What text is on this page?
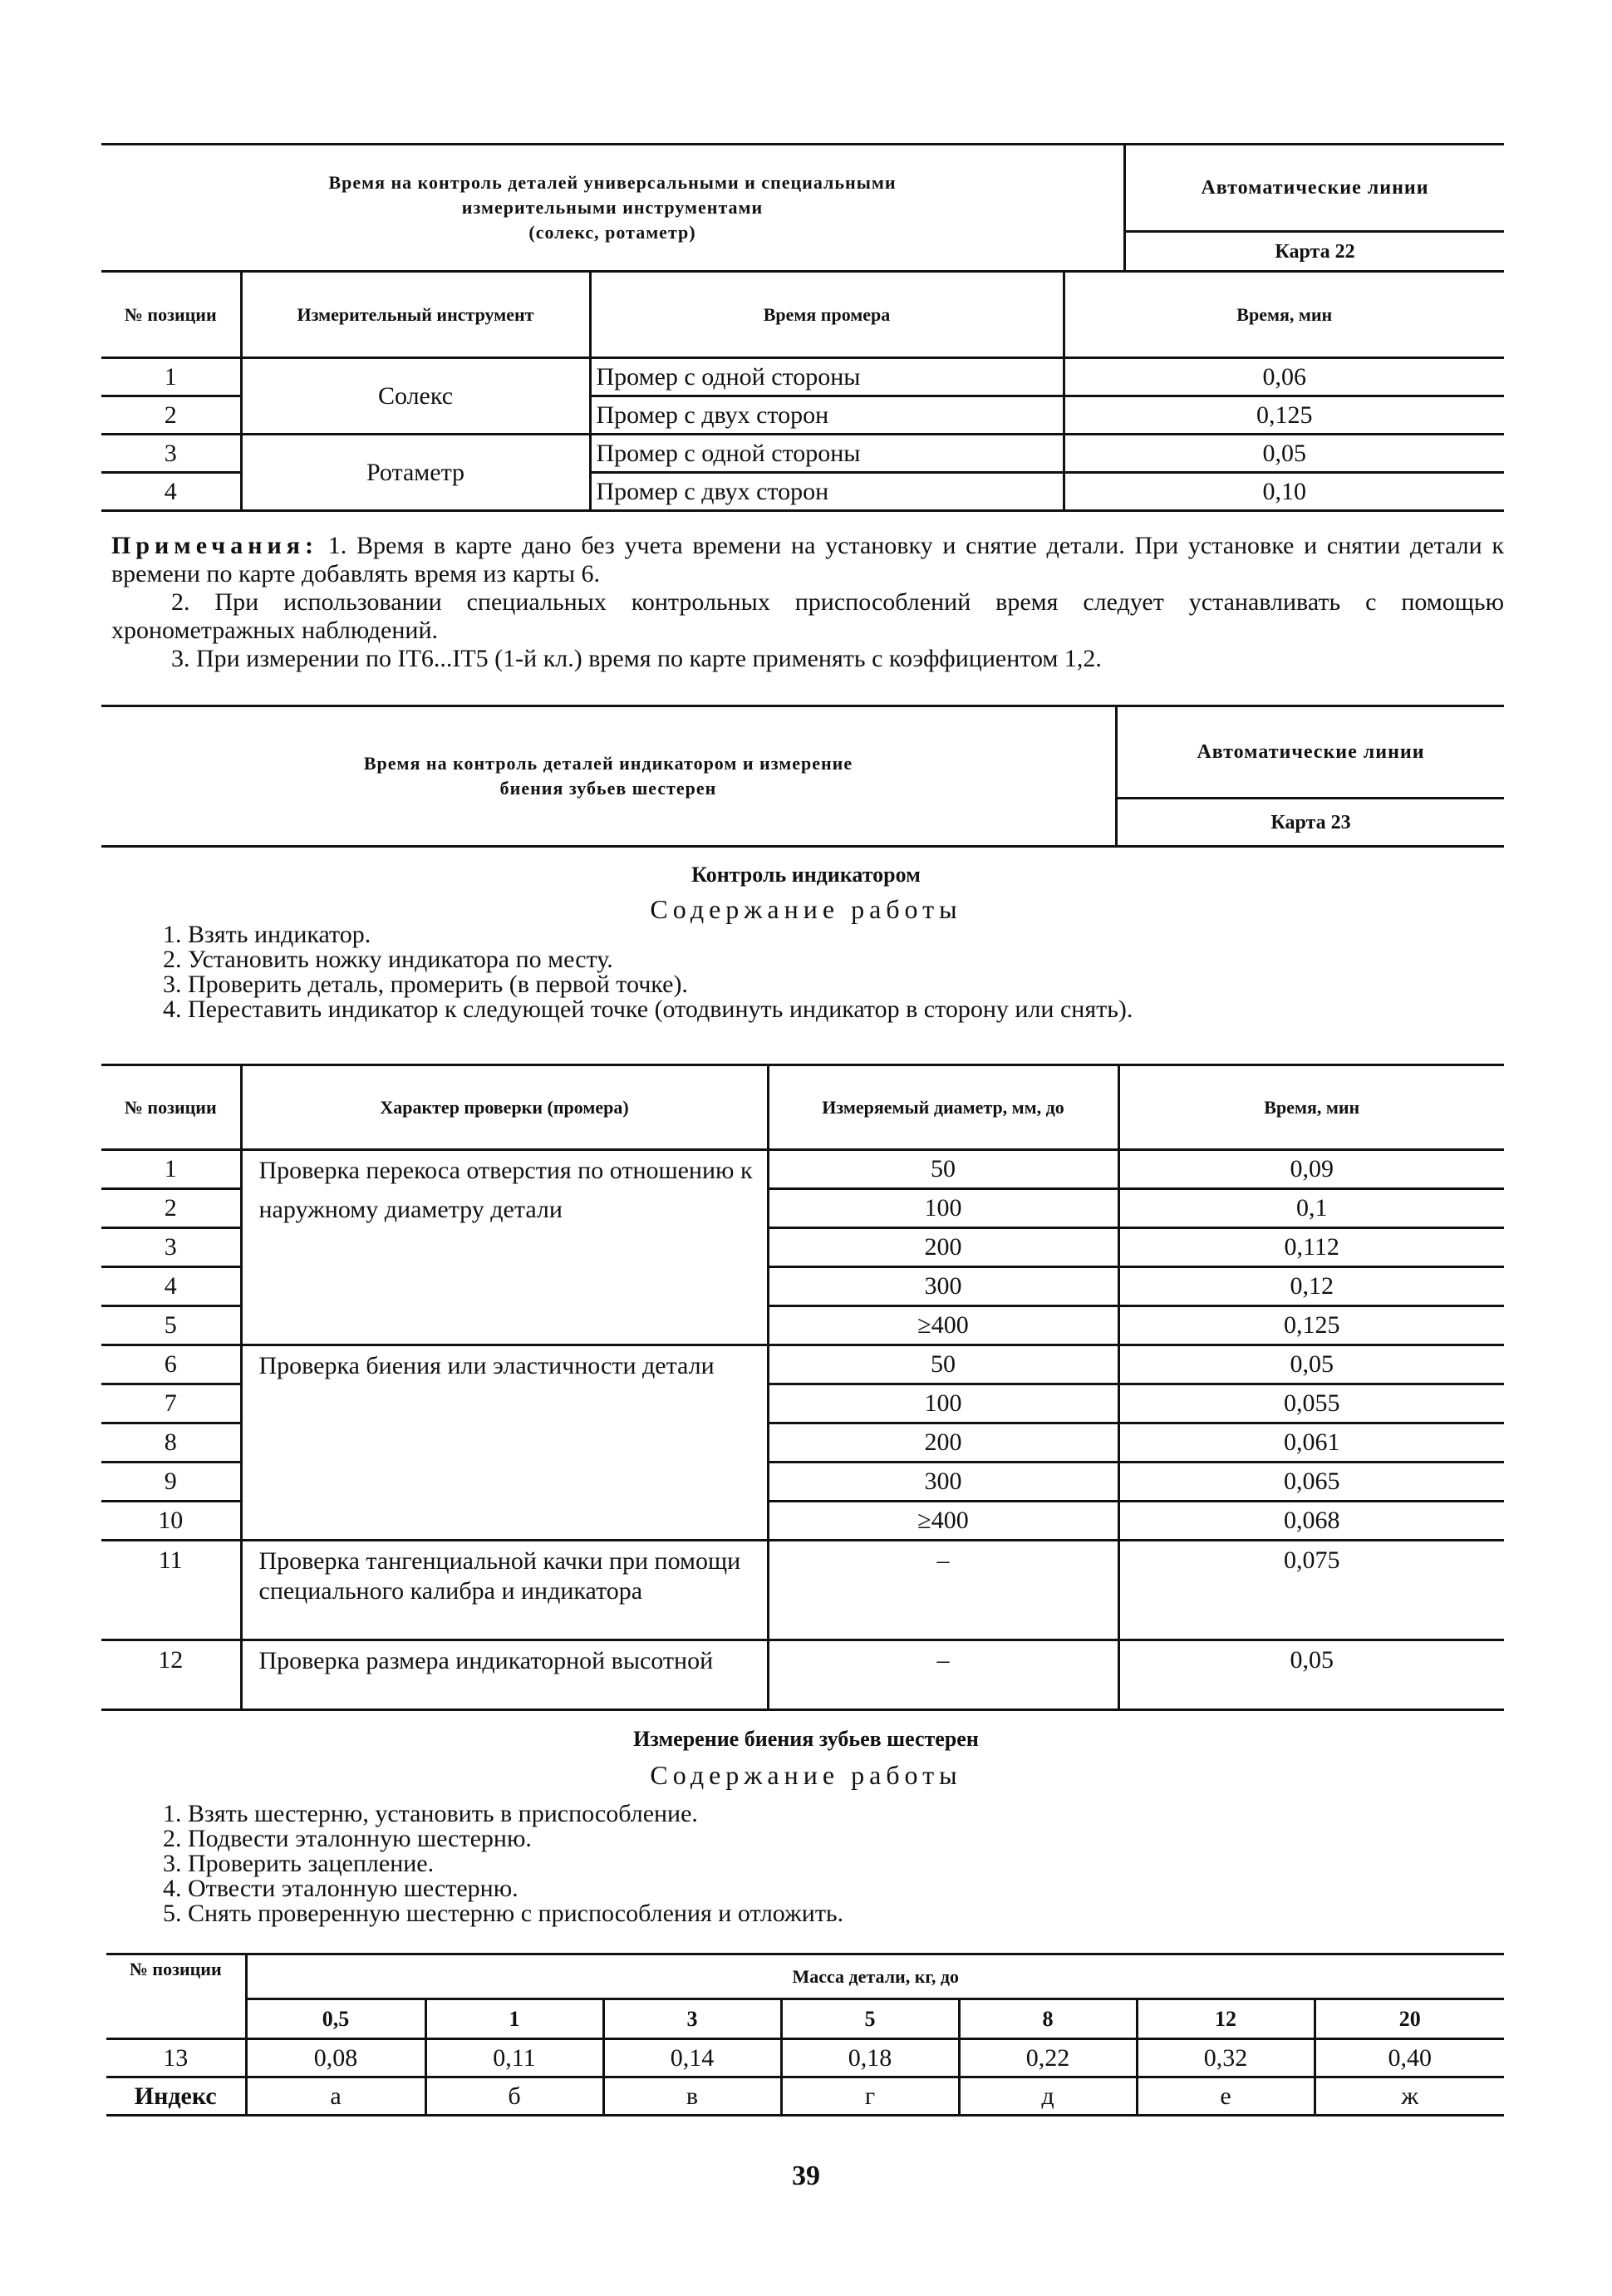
Время на контроль деталей универсальными и специальными
измерительными инструментами
(солекс, ротаметр)
Автоматические линии
Карта 22
№ позиции	Измерительный инструмент	Время промера	Время, мин
1	Солекс	Промер с одной стороны	0,06
2		Промер с двух сторон	0,125
3	Ротаметр	Промер с одной стороны	0,05
4		Промер с двух сторон	0,10

Примечания: 1. Время в карте дано без учета времени на установку и снятие детали. При установке и снятии детали к времени по карте добавлять время из карты 6.

2. При использовании специальных контрольных приспособлений время следует устанавливать с помощью хронометражных наблюдений.

3. При измерении по IT6...IT5 (1-й кл.) время по карте применять с коэффициентом 1,2.

Время на контроль деталей индикатором и измерение
биения зубьев шестерен
Автоматические линии
Карта 23
Контроль индикатором
Содержание работы
1. Взять индикатор.
2. Установить ножку индикатора по месту.
3. Проверить деталь, промерить (в первой точке).
4. Переставить индикатор к следующей точке (отодвинуть индикатор в сторону или снять).
№ позиции	Характер проверки (промера)	Измеряемый диаметр, мм, до	Время, мин
1	Проверка перекоса отверстия по отношению к наружному диаметру детали	50	0,09
2		100	0,1
3		200	0,112
4		300	0,12
5		≥400	0,125
6	Проверка биения или эластичности детали	50	0,05
7		100	0,055
8		200	0,061
9		300	0,065
10		≥400	0,068
11	Проверка тангенциальной качки при помощи специального калибра и индикатора	–	0,075
12	Проверка размера индикаторной высотной	–	0,05
Измерение биения зубьев шестерен
Содержание работы
1. Взять шестерню, установить в приспособление.
2. Подвести эталонную шестерню.
3. Проверить зацепление.
4. Отвести эталонную шестерню.
5. Снять проверенную шестерню с приспособления и отложить.
№ позиции	Масса детали, кг, до						
	0,5	1	3	5	8	12	20
13	0,08	0,11	0,14	0,18	0,22	0,32	0,40
Индекс	а	б	в	г	д	е	ж
39
